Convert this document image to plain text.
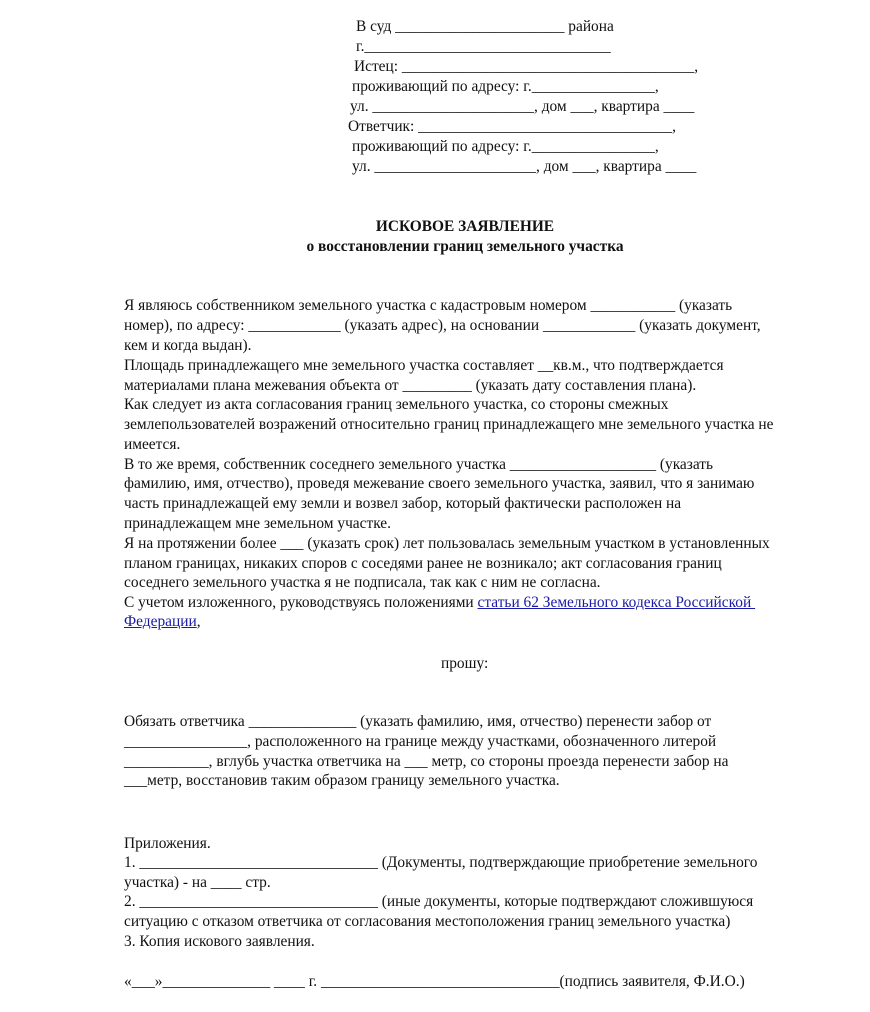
В суд ______________________ района
г.________________________________
Истец: ______________________________________,
проживающий по адресу: г.________________,
ул. _____________________, дом ___, квартира ____
Ответчик: _________________________________,
проживающий по адресу: г.________________,
ул. _____________________, дом ___, квартира ____
ИСКОВОЕ ЗАЯВЛЕНИЕ
о восстановлении границ земельного участка
Я являюсь собственником земельного участка с кадастровым номером ___________ (указать
номер), по адресу: ____________ (указать адрес), на основании ____________ (указать документ,
кем и когда выдан).
Площадь принадлежащего мне земельного участка составляет __кв.м., что подтверждается
материалами плана межевания объекта от _________ (указать дату составления плана).
Как следует из акта согласования границ земельного участка, со стороны смежных
землепользователей возражений относительно границ принадлежащего мне земельного участка не
имеется.
В то же время, собственник соседнего земельного участка ___________________ (указать
фамилию, имя, отчество), проведя межевание своего земельного участка, заявил, что я занимаю
часть принадлежащей ему земли и возвел забор, который фактически расположен на
принадлежащем мне земельном участке.
Я на протяжении более ___ (указать срок) лет пользовалась земельным участком в установленных
планом границах, никаких споров с соседями ранее не возникало; акт согласования границ
соседнего земельного участка я не подписала, так как с ним не согласна.
С учетом изложенного, руководствуясь положениями статьи 62 Земельного кодекса Российской
Федерации,
прошу:
Обязать ответчика ______________ (указать фамилию, имя, отчество) перенести забор от
________________, расположенного на границе между участками, обозначенного литерой
___________, вглубь участка ответчика на ___ метр, со стороны проезда перенести забор на
___метр, восстановив таким образом границу земельного участка.
Приложения.
1. _______________________________ (Документы, подтверждающие приобретение земельного
участка) - на ____ стр.
2. _______________________________ (иные документы, которые подтверждают сложившуюся
ситуацию с отказом ответчика от согласования местоположения границ земельного участка)
3. Копия искового заявления.
«___»______________ ____ г. _______________________________(подпись заявителя, Ф.И.О.)
